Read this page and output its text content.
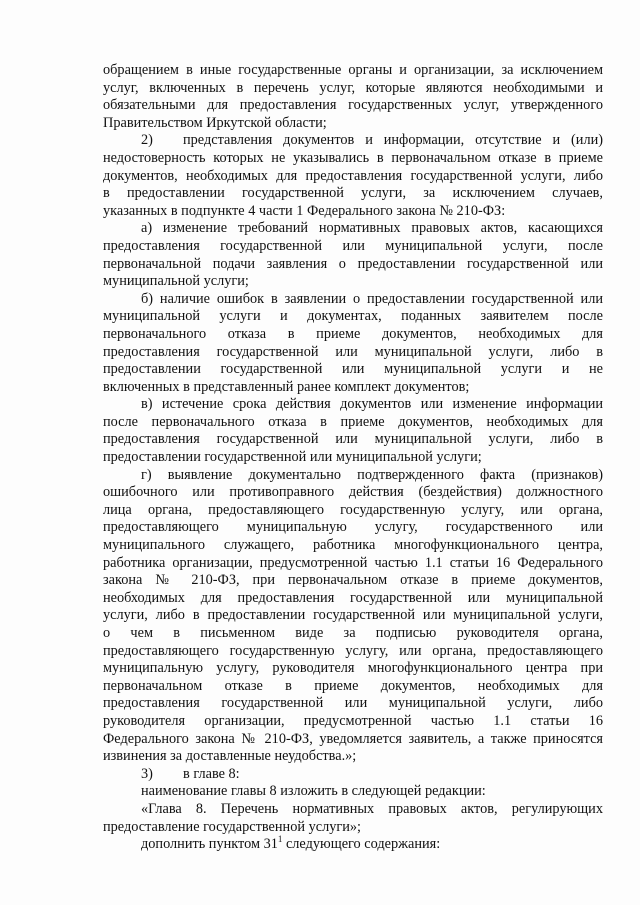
обращением в иные государственные органы и организации, за исключением
услуг, включенных в перечень услуг, которые являются необходимыми и
обязательными для предоставления государственных услуг, утвержденного
Правительством Иркутской области;
2)	представления документов и информации, отсутствие и (или)
недостоверность которых не указывались в первоначальном отказе в приеме
документов, необходимых для предоставления государственной услуги, либо
в предоставлении государственной услуги, за исключением случаев,
указанных в подпункте 4 части 1 Федерального закона № 210-ФЗ:
а) изменение требований нормативных правовых актов, касающихся
предоставления государственной или муниципальной услуги, после
первоначальной подачи заявления о предоставлении государственной или
муниципальной услуги;
б) наличие ошибок в заявлении о предоставлении государственной или
муниципальной услуги и документах, поданных заявителем после
первоначального отказа в приеме документов, необходимых для
предоставления государственной или муниципальной услуги, либо в
предоставлении государственной или муниципальной услуги и не
включенных в представленный ранее комплект документов;
в) истечение срока действия документов или изменение информации
после первоначального отказа в приеме документов, необходимых для
предоставления государственной или муниципальной услуги, либо в
предоставлении государственной или муниципальной услуги;
г) выявление документально подтвержденного факта (признаков)
ошибочного или противоправного действия (бездействия) должностного
лица органа, предоставляющего государственную услугу, или органа,
предоставляющего муниципальную услугу, государственного или
муниципального служащего, работника многофункционального центра,
работника организации, предусмотренной частью 1.1 статьи 16 Федерального
закона № 210-ФЗ, при первоначальном отказе в приеме документов,
необходимых для предоставления государственной или муниципальной
услуги, либо в предоставлении государственной или муниципальной услуги,
о чем в письменном виде за подписью руководителя органа,
предоставляющего государственную услугу, или органа, предоставляющего
муниципальную услугу, руководителя многофункционального центра при
первоначальном отказе в приеме документов, необходимых для
предоставления государственной или муниципальной услуги, либо
руководителя организации, предусмотренной частью 1.1 статьи 16
Федерального закона № 210-ФЗ, уведомляется заявитель, а также приносятся
извинения за доставленные неудобства.»;
3)	в главе 8:
наименование главы 8 изложить в следующей редакции:
«Глава 8. Перечень нормативных правовых актов, регулирующих
предоставление государственной услуги»;
дополнить пунктом $31^1$ следующего содержания:
